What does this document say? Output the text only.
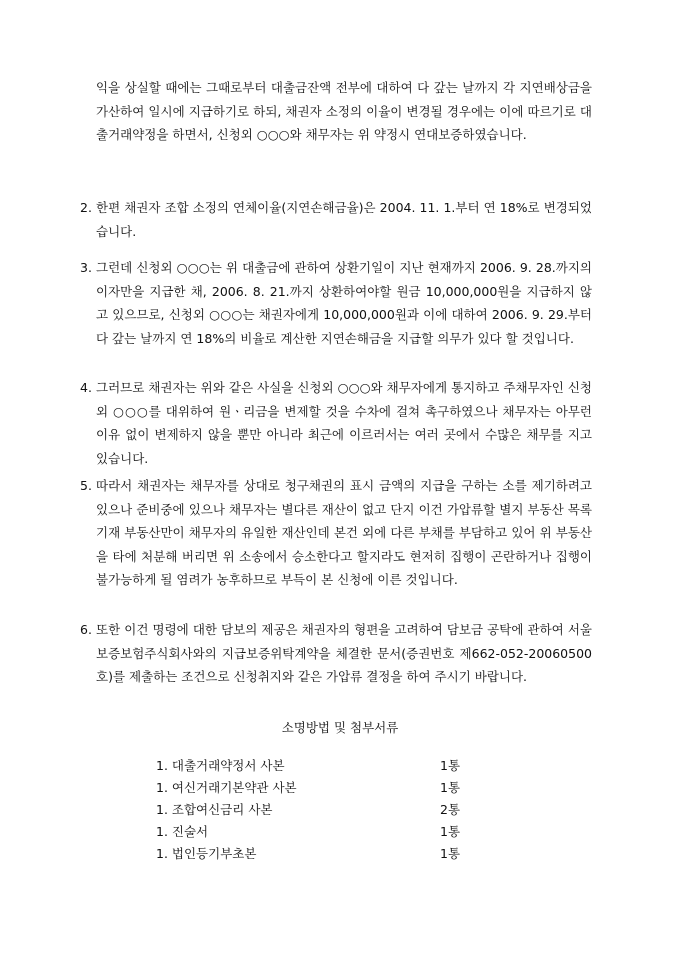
익을 상실할 때에는 그때로부터 대출금잔액 전부에 대하여 다 갚는 날까지 각 지연배상금을 가산하여 일시에 지급하기로 하되, 채권자 소정의 이율이 변경될 경우에는 이에 따르기로 대출거래약정을 하면서, 신청외 ○○○와 채무자는 위 약정시 연대보증하였습니다.

2. 한편 채권자 조합 소정의 연체이율(지연손해금율)은 2004. 11. 1.부터 연 18%로 변경되었습니다.
3. 그런데 신청외 ○○○는 위 대출금에 관하여 상환기일이 지난 현재까지 2006. 9. 28.까지의 이자만을 지급한 채, 2006. 8. 21.까지 상환하여야할 원금 10,000,000원을 지급하지 않고 있으므로, 신청외 ○○○는 채권자에게 10,000,000원과 이에 대하여 2006. 9. 29.부터 다 갚는 날까지 연 18%의 비율로 계산한 지연손해금을 지급할 의무가 있다 할 것입니다.
4. 그러므로 채권자는 위와 같은 사실을 신청외 ○○○와 채무자에게 통지하고 주채무자인 신청외 ○○○를 대위하여 원ㆍ리금을 변제할 것을 수차에 걸쳐 촉구하였으나 채무자는 아무런 이유 없이 변제하지 않을 뿐만 아니라 최근에 이르러서는 여러 곳에서 수많은 채무를 지고 있습니다.
5. 따라서 채권자는 채무자를 상대로 청구채권의 표시 금액의 지급을 구하는 소를 제기하려고 있으나 준비중에 있으나 채무자는 별다른 재산이 없고 단지 이건 가압류할 별지 부동산 목록 기재 부동산만이 채무자의 유일한 재산인데 본건 외에 다른 부채를 부담하고 있어 위 부동산을 타에 처분해 버리면 위 소송에서 승소한다고 할지라도 현저히 집행이 곤란하거나 집행이 불가능하게 될 염려가 농후하므로 부득이 본 신청에 이른 것입니다.
6. 또한 이건 명령에 대한 담보의 제공은 채권자의 형편을 고려하여 담보금 공탁에 관하여 서울보증보험주식회사와의 지급보증위탁계약을 체결한 문서(증권번호 제662-052-20060500 호)를 제출하는 조건으로 신청취지와 같은 가압류 결정을 하여 주시기 바랍니다.

소명방법 및 첨부서류

1. 대출거래약정서 사본	1통
1. 여신거래기본약관 사본	1통
1. 조합여신금리 사본	2통
1. 진술서	1통
1. 법인등기부초본	1통
